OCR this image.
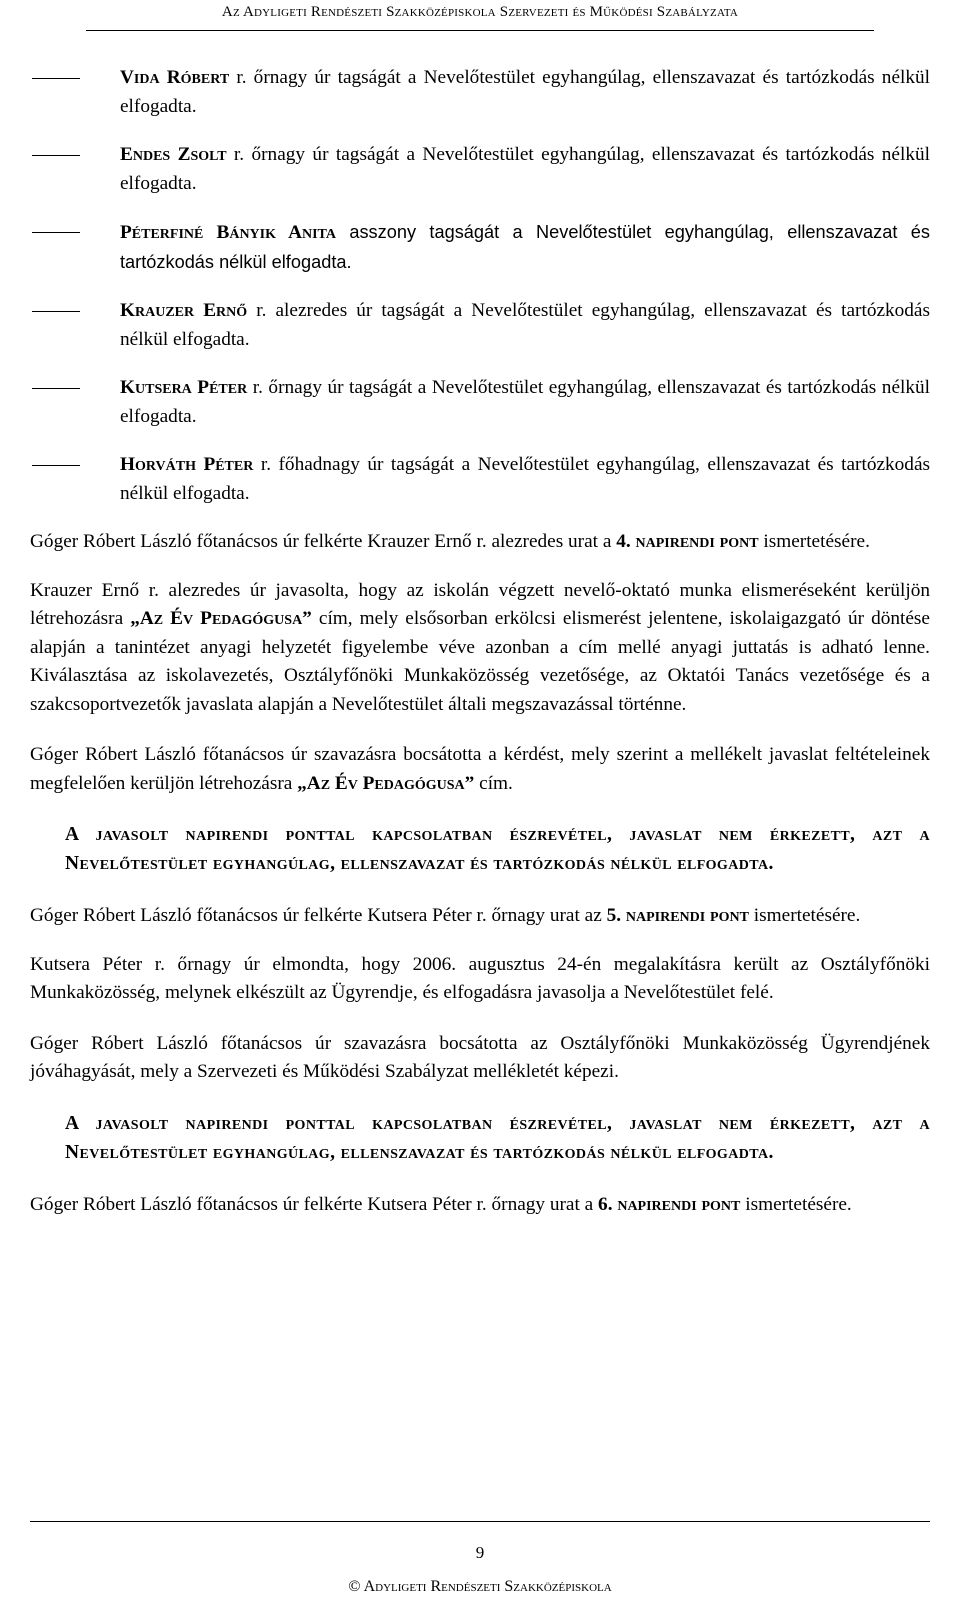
Az Adyligeti Rendészeti Szakközépiskola Szervezeti és Működési Szabályzata
Vida Róbert r. őrnagy úr tagságát a Nevelőtestület egyhangúlag, ellenszavazat és tartózkodás nélkül elfogadta.
Endes Zsolt r. őrnagy úr tagságát a Nevelőtestület egyhangúlag, ellenszavazat és tartózkodás nélkül elfogadta.
Péterfiné Bányik Anita asszony tagságát a Nevelőtestület egyhangúlag, ellenszavazat és tartózkodás nélkül elfogadta.
Krauzer Ernő r. alezredes úr tagságát a Nevelőtestület egyhangúlag, ellenszavazat és tartózkodás nélkül elfogadta.
Kutsera Péter r. őrnagy úr tagságát a Nevelőtestület egyhangúlag, ellenszavazat és tartózkodás nélkül elfogadta.
Horváth Péter r. főhadnagy úr tagságát a Nevelőtestület egyhangúlag, ellenszavazat és tartózkodás nélkül elfogadta.

Góger Róbert László főtanácsos úr felkérte Krauzer Ernő r. alezredes urat a 4. napirendi pont ismertetésére.

Krauzer Ernő r. alezredes úr javasolta, hogy az iskolán végzett nevelő-oktató munka elismeréseként kerüljön létrehozásra „Az Év Pedagógusa” cím, mely elsősorban erkölcsi elismerést jelentene, iskolaigazgató úr döntése alapján a tanintézet anyagi helyzetét figyelembe véve azonban a cím mellé anyagi juttatás is adható lenne. Kiválasztása az iskolavezetés, Osztályfőnöki Munkaközösség vezetősége, az Oktatói Tanács vezetősége és a szakcsoportvezetők javaslata alapján a Nevelőtestület általi megszavazással történne.

Góger Róbert László főtanácsos úr szavazásra bocsátotta a kérdést, mely szerint a mellékelt javaslat feltételeinek megfelelően kerüljön létrehozásra „Az Év Pedagógusa” cím.

A javasolt napirendi ponttal kapcsolatban észrevétel, javaslat nem érkezett, azt a Nevelőtestület egyhangúlag, ellenszavazat és tartózkodás nélkül elfogadta.

Góger Róbert László főtanácsos úr felkérte Kutsera Péter r. őrnagy urat az 5. napirendi pont ismertetésére.

Kutsera Péter r. őrnagy úr elmondta, hogy 2006. augusztus 24-én megalakításra került az Osztályfőnöki Munkaközösség, melynek elkészült az Ügyrendje, és elfogadásra javasolja a Nevelőtestület felé.

Góger Róbert László főtanácsos úr szavazásra bocsátotta az Osztályfőnöki Munkaközösség Ügyrendjének jóváhagyását, mely a Szervezeti és Működési Szabályzat mellékletét képezi.

A javasolt napirendi ponttal kapcsolatban észrevétel, javaslat nem érkezett, azt a Nevelőtestület egyhangúlag, ellenszavazat és tartózkodás nélkül elfogadta.

Góger Róbert László főtanácsos úr felkérte Kutsera Péter r. őrnagy urat a 6. napirendi pont ismertetésére.

9
© Adyligeti Rendészeti Szakközépiskola
